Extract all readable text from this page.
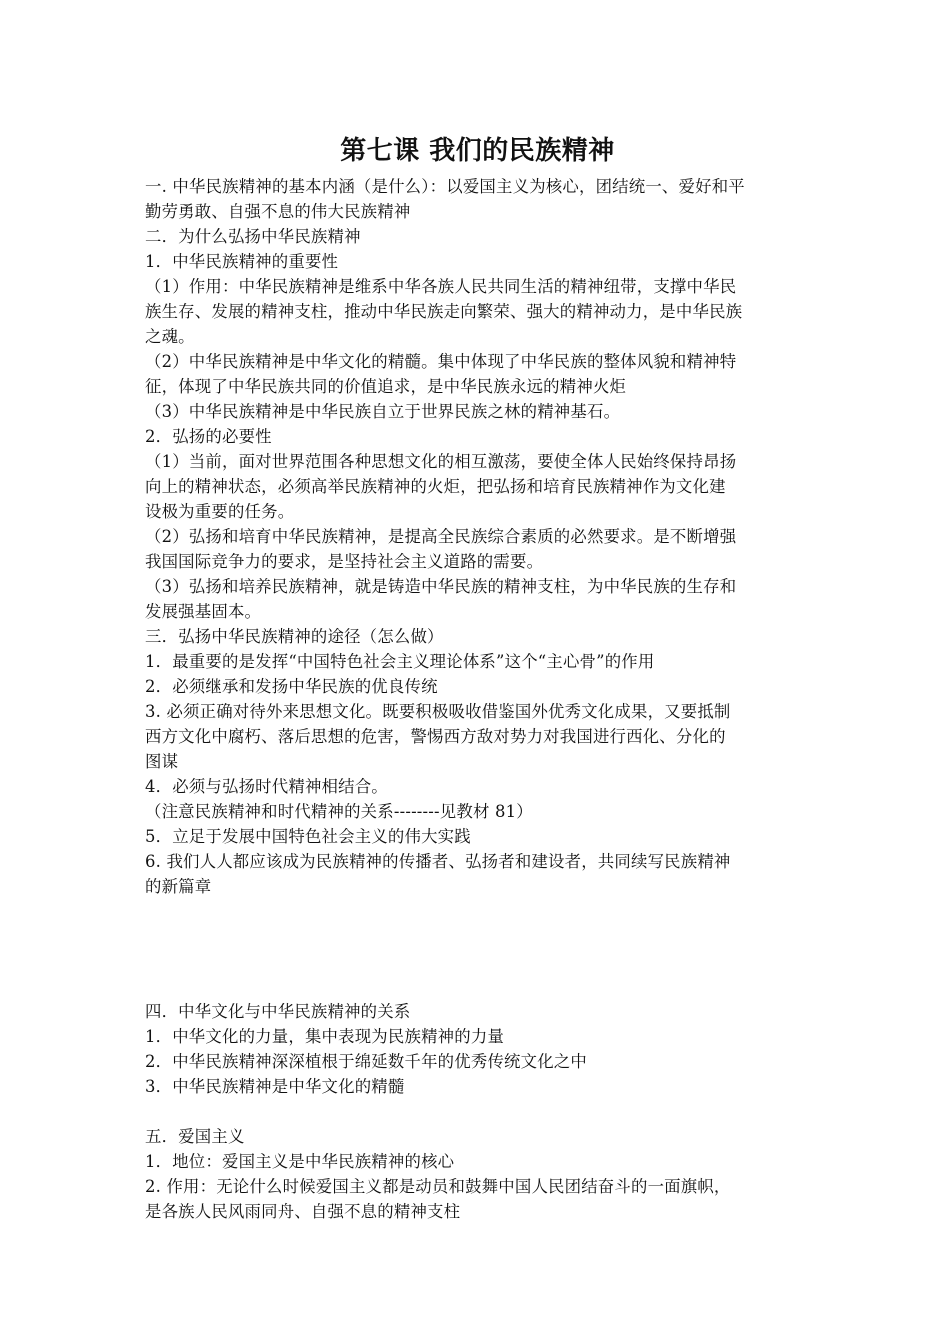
第七课 我们的民族精神

一. 中华民族精神的基本内涵（是什么）：以爱国主义为核心，团结统一、爱好和平

勤劳勇敢、自强不息的伟大民族精神

二．为什么弘扬中华民族精神

1．中华民族精神的重要性

（1）作用：中华民族精神是维系中华各族人民共同生活的精神纽带，支撑中华民

族生存、发展的精神支柱，推动中华民族走向繁荣、强大的精神动力，是中华民族

之魂。

（2）中华民族精神是中华文化的精髓。集中体现了中华民族的整体风貌和精神特

征，体现了中华民族共同的价值追求，是中华民族永远的精神火炬

（3）中华民族精神是中华民族自立于世界民族之林的精神基石。

2．弘扬的必要性

（1）当前，面对世界范围各种思想文化的相互激荡，要使全体人民始终保持昂扬

向上的精神状态，必须高举民族精神的火炬，把弘扬和培育民族精神作为文化建

设极为重要的任务。

（2）弘扬和培育中华民族精神，是提高全民族综合素质的必然要求。是不断增强

我国国际竞争力的要求，是坚持社会主义道路的需要。

（3）弘扬和培养民族精神，就是铸造中华民族的精神支柱，为中华民族的生存和

发展强基固本。

三．弘扬中华民族精神的途径（怎么做）

1．最重要的是发挥“中国特色社会主义理论体系”这个“主心骨”的作用

2．必须继承和发扬中华民族的优良传统

3. 必须正确对待外来思想文化。既要积极吸收借鉴国外优秀文化成果，又要抵制

西方文化中腐朽、落后思想的危害，警惕西方敌对势力对我国进行西化、分化的

图谋

4．必须与弘扬时代精神相结合。

（注意民族精神和时代精神的关系--------见教材 81）

5．立足于发展中国特色社会主义的伟大实践

6. 我们人人都应该成为民族精神的传播者、弘扬者和建设者，共同续写民族精神

的新篇章

四．中华文化与中华民族精神的关系

1．中华文化的力量，集中表现为民族精神的力量

2．中华民族精神深深植根于绵延数千年的优秀传统文化之中

3．中华民族精神是中华文化的精髓

五．爱国主义

1．地位：爱国主义是中华民族精神的核心

2. 作用：无论什么时候爱国主义都是动员和鼓舞中国人民团结奋斗的一面旗帜，

是各族人民风雨同舟、自强不息的精神支柱
